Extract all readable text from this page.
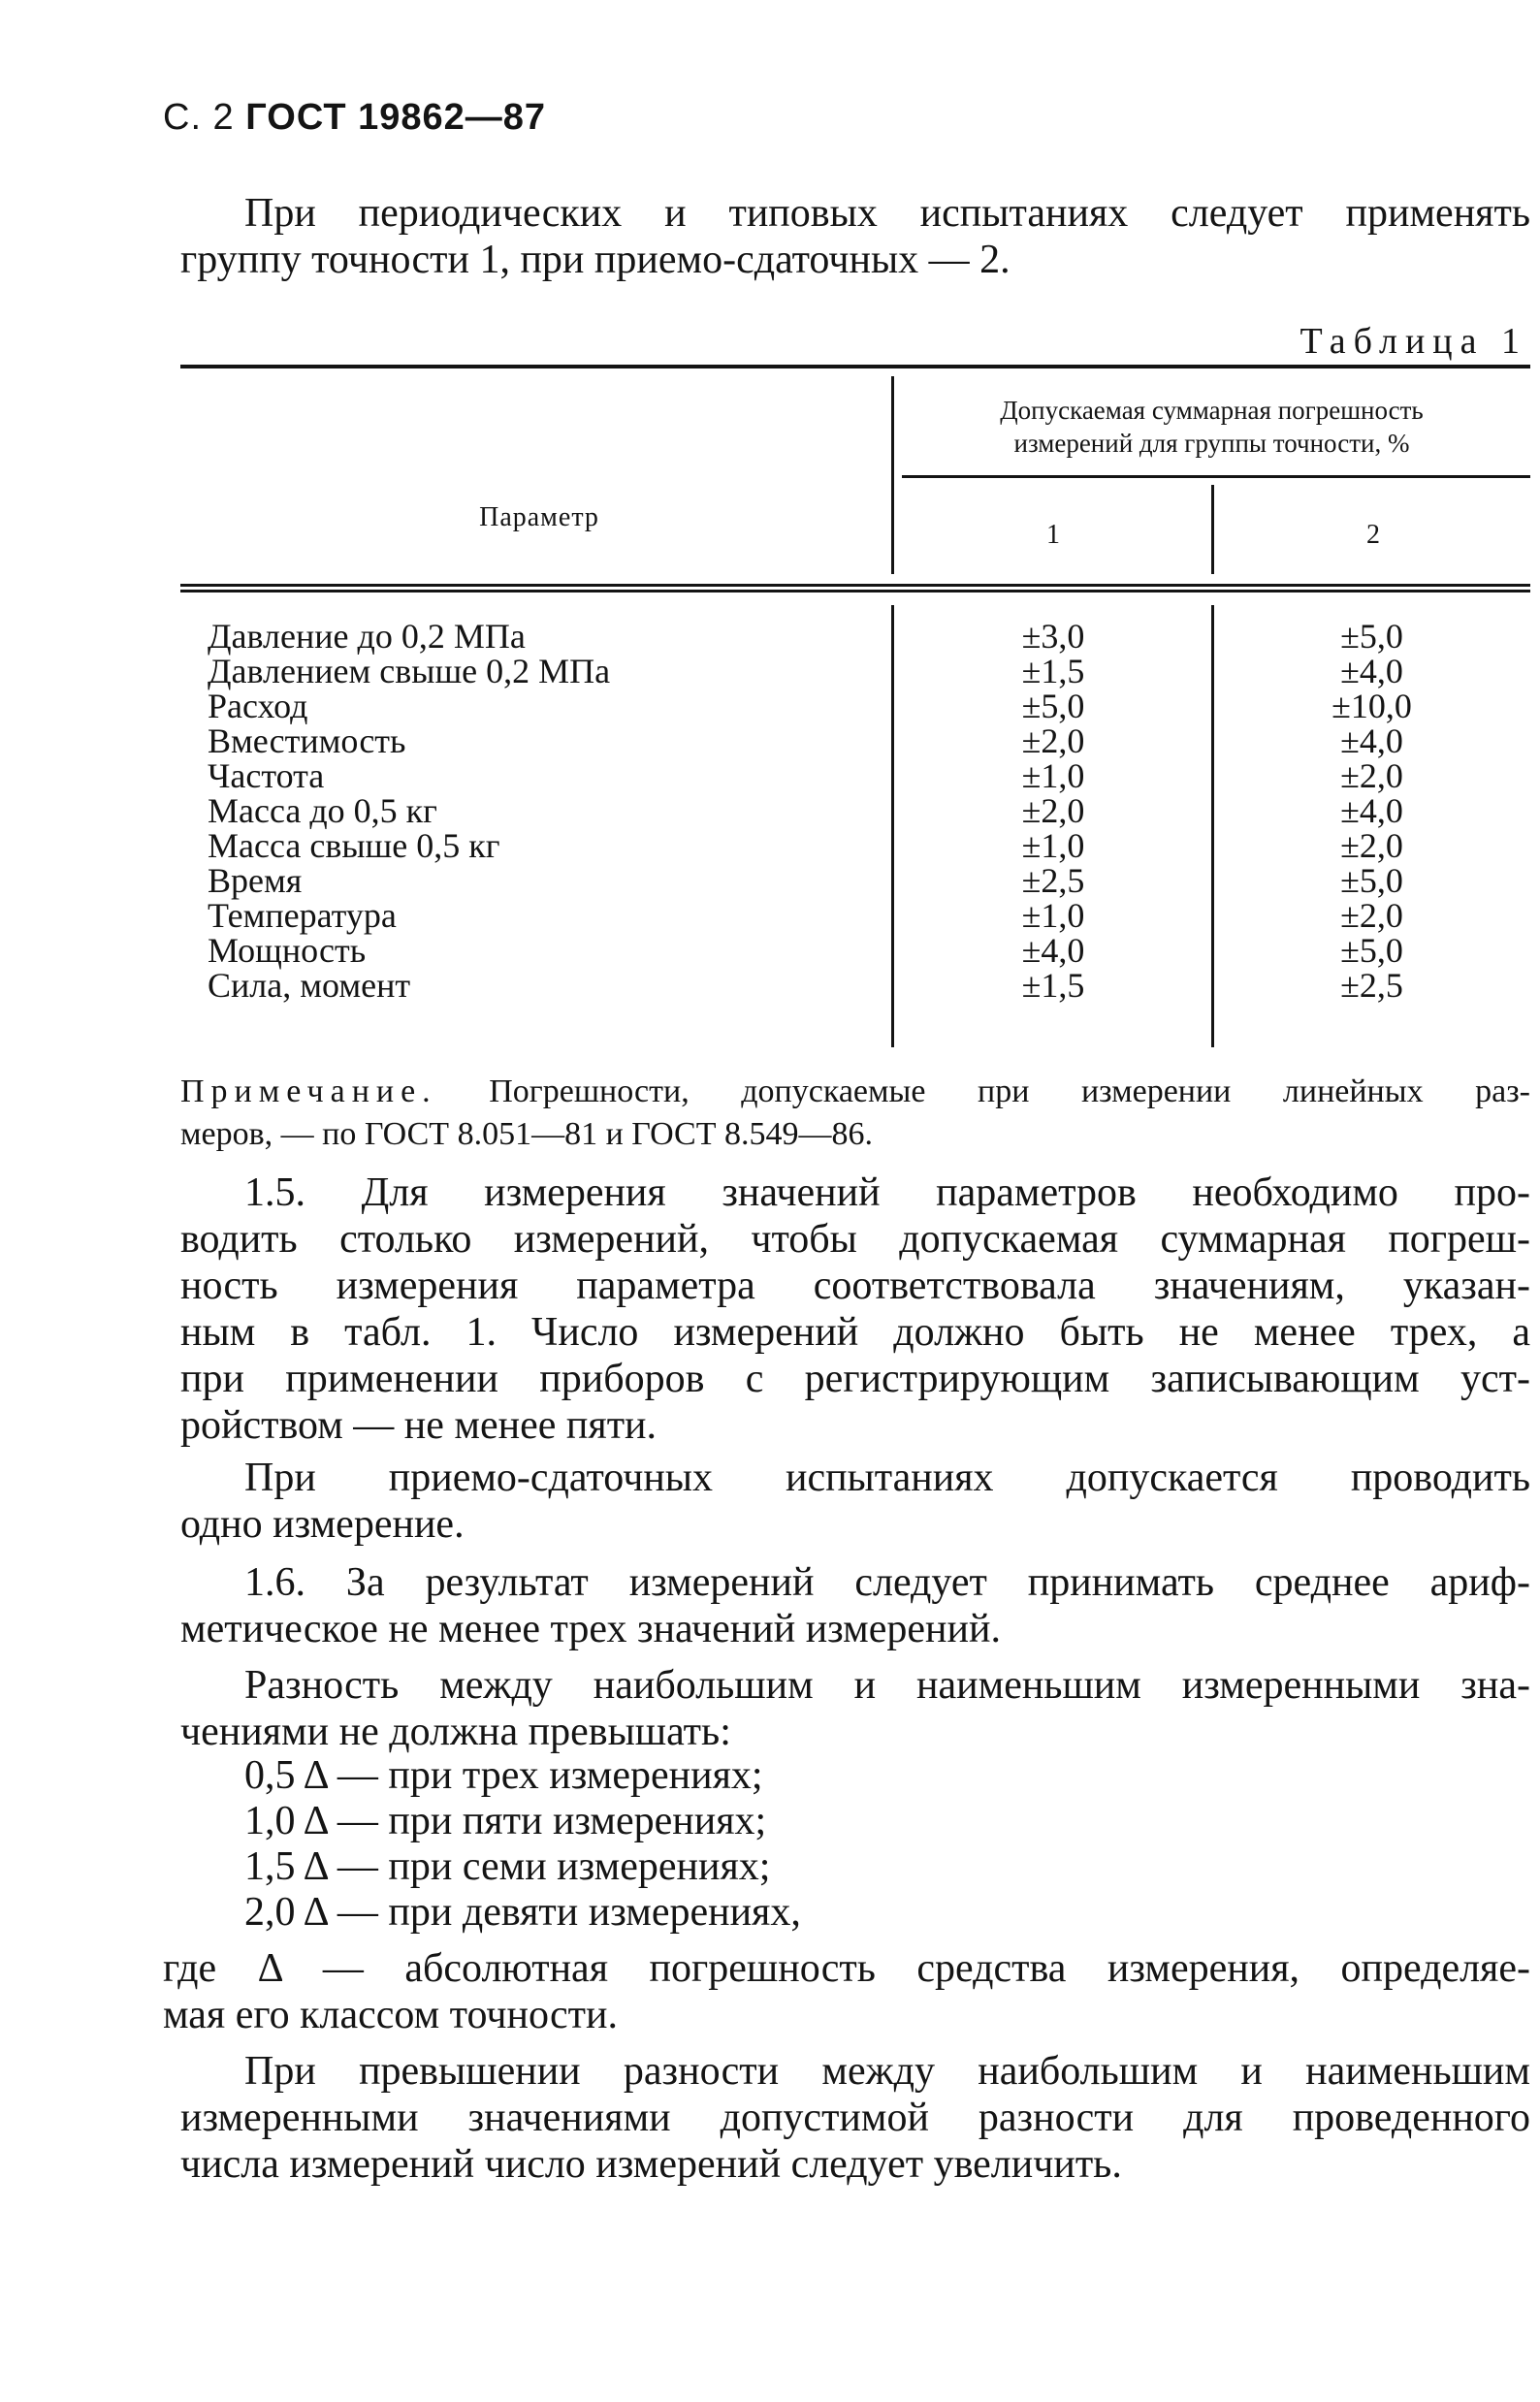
С. 2 ГОСТ 19862—87
При периодических и типовых испытаниях следует применять
группу точности 1, при приемо-сдаточных — 2.
Таблица 1
Параметр
Допускаемая суммарная погрешность
измерений для группы точности, %
1	2
Давление до 0,2 МПа	±3,0	±5,0
Давлением свыше 0,2 МПа	±1,5	±4,0
Расход	±5,0	±10,0
Вместимость	±2,0	±4,0
Частота	±1,0	±2,0
Масса до 0,5 кг	±2,0	±4,0
Масса свыше 0,5 кг	±1,0	±2,0
Время	±2,5	±5,0
Температура	±1,0	±2,0
Мощность	±4,0	±5,0
Сила, момент	±1,5	±2,5
Примечание. Погрешности, допускаемые при измерении линейных раз-
меров, — по ГОСТ 8.051—81 и ГОСТ 8.549—86.
1.5. Для измерения значений параметров необходимо про-
водить столько измерений, чтобы допускаемая суммарная погреш-
ность измерения параметра соответствовала значениям, указан-
ным в табл. 1. Число измерений должно быть не менее трех, а
при применении приборов с регистрирующим записывающим уст-
ройством — не менее пяти.
При приемо-сдаточных испытаниях допускается проводить
одно измерение.
1.6. За результат измерений следует принимать среднее ариф-
метическое не менее трех значений измерений.
Разность между наибольшим и наименьшим измеренными зна-
чениями не должна превышать:
0,5 Δ — при трех измерениях;
1,0 Δ — при пяти измерениях;
1,5 Δ — при семи измерениях;
2,0 Δ — при девяти измерениях,
где Δ — абсолютная погрешность средства измерения, определяе-
мая его классом точности.
При превышении разности между наибольшим и наименьшим
измеренными значениями допустимой разности для проведенного
числа измерений число измерений следует увеличить.
